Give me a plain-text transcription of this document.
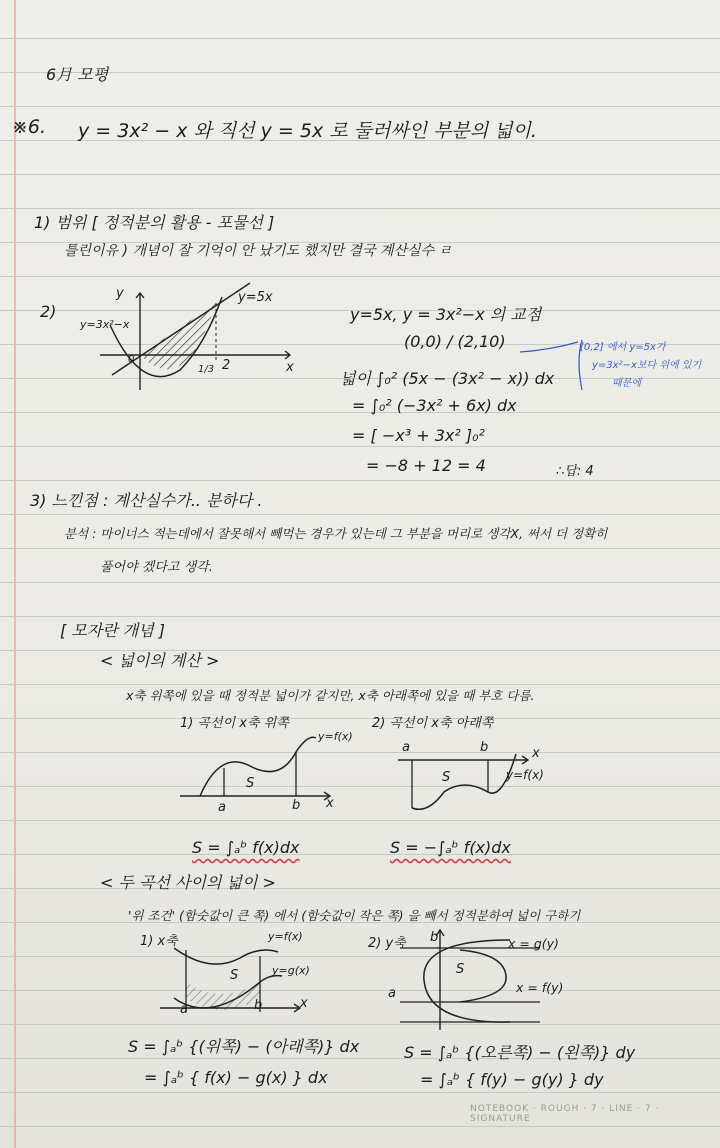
6月 모평
※6. y = 3x² − x 와 직선 y = 5x 로 둘러싸인 부분의 넓이.
1) 범위 [ 정적분의 활용 - 포물선 ]
틀린이유 ) 개념이 잘 기억이 안 났기도 했지만 결국 계산실수 ㄹ
2)
y
x
y=5x
y=3x²−x
1/3 2
0
y=5x, y = 3x²−x 의 교점
(0,0) / (2,10)	[0,2] 에서 y=5x가
y=3x²−x보다 위에 있기
때문에
넓이 ∫₀² (5x − (3x² − x)) dx
= ∫₀² (−3x² + 6x) dx
= [ −x³ + 3x² ]₀²
= −8 + 12 = 4	∴답: 4
3) 느낀점 : 계산실수가.. 분하다 .
분석 : 마이너스 적는데에서 잘못해서 빼먹는 경우가 있는데 그 부분을 머리로 생각X, 써서 더 정확히
풀어야 겠다고 생각.
[ 모자란 개념 ]
< 넓이의 계산 >
x축 위쪽에 있을 때 정적분 넓이가 같지만, x축 아래쪽에 있을 때 부호 다름.
1) 곡선이 x축 위쪽
y=f(x)
S
a	b x
S = ∫ₐᵇ f(x)dx
2) 곡선이 x축 아래쪽
a	b	x
S	y=f(x)
S = −∫ₐᵇ f(x)dx
< 두 곡선 사이의 넓이 >
'위 조건' (함숫값이 큰 쪽) 에서 (함숫값이 작은 쪽) 을 빼서 정적분하여 넓이 구하기
1) x축	y=f(x)
y=g(x)
S
a	b	x
S = ∫ₐᵇ {(위쪽) − (아래쪽)} dx
= ∫ₐᵇ { f(x) − g(x) } dx
2) y축 b
a
S
x = g(y)
x = f(y)
S = ∫ₐᵇ {(오른쪽) − (왼쪽)} dy
= ∫ₐᵇ { f(y) − g(y) } dy
NOTEBOOK · ROUGH · 7 · LINE · 7 · SIGNATURE
